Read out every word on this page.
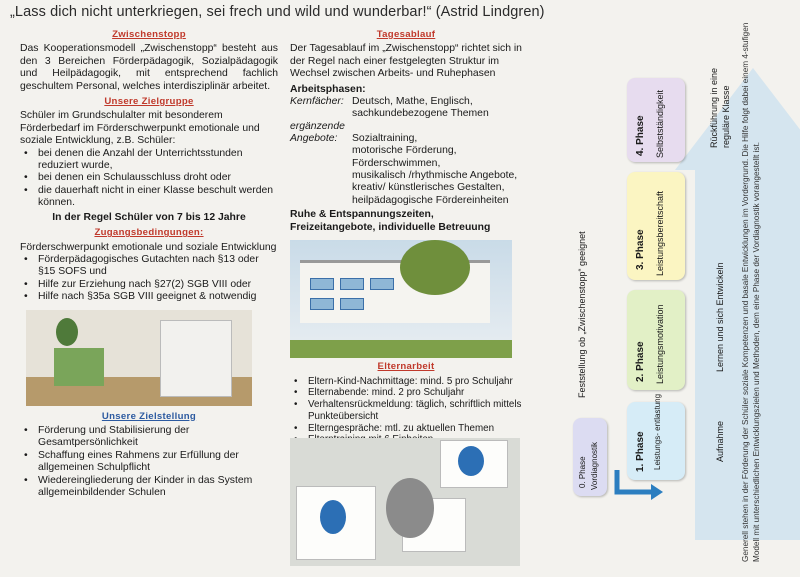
„Lass dich nicht unterkriegen, sei frech und wild und wunderbar!“ (Astrid Lindgren)
Zwischenstopp

Das Kooperationsmodell „Zwischenstopp“ besteht aus den 3 Bereichen Förderpädagogik, Sozialpädagogik und Heilpädagogik, mit entsprechend fachlich geschultem Personal, welches interdisziplinär arbeitet.

Unsere Zielgruppe

Schüler im Grundschulalter mit besonderem Förderbedarf im Förderschwerpunkt emotionale und soziale Entwicklung, z.B. Schüler:

• bei denen die Anzahl der Unterrichtsstunden reduziert wurde,
• bei denen ein Schulausschluss droht oder
• die dauerhaft nicht in einer Klasse beschult werden können.
In der Regel Schüler von 7 bis 12 Jahre
Zugangsbedingungen:

Förderschwerpunkt emotionale und soziale Entwicklung

• Förderpädagogisches Gutachten nach §13 oder §15 SOFS und
• Hilfe zur Erziehung nach §27(2) SGB VIII oder
• Hilfe nach §35a SGB VIII geeignet & notwendig
Unsere Zielstellung
• Förderung und Stabilisierung der Gesamtpersönlichkeit
• Schaffung eines Rahmens zur Erfüllung der allgemeinen Schulpflicht
• Wiedereingliederung der Kinder in das System allgemeinbildender Schulen
Tagesablauf

Der Tagesablauf im „Zwischenstopp“ richtet sich in der Regel nach einer festgelegten Struktur im Wechsel zwischen Arbeits- und Ruhephasen

Arbeitsphasen:

Kernfächer: Deutsch, Mathe, Englisch, sachkundebezogene Themen
ergänzende
Angebote:	Sozialtraining,
motorische Förderung,
Förderschwimmen,
musikalisch /rhythmische Angebote,
kreativ/ künstlerisches Gestalten,
heilpädagogische Fördereinheiten

Ruhe & Entspannungszeiten, Freizeitangebote, individuelle Betreuung

Elternarbeit
• Eltern-Kind-Nachmittage: mind. 5 pro Schuljahr
• Elternabende: mind. 2 pro Schuljahr
• Verhaltensrückmeldung: täglich, schriftlich mittels Punkteübersicht
• Elterngespräche: mtl. zu aktuellen Themen
•
•
•
0. Phase Vordiagnostik	1. Phase Leistungs- entlastung
2. Phase Leistungsmotivation
3. Phase Leistungsbereitschaft
4. Phase Selbstständigkeit
Feststellung ob „Zwischenstopp“ geeignet
Aufnahme
Lernen und sich Entwickeln
Rückführung in eine reguläre Klasse Generell stehen in der Förderung der Schüler soziale Kompetenzen und basale Entwicklungen im Vordergrund. Die Hilfe folgt dabei einem 4-stufigen Modell mit unterschiedlichen Entwicklungszielen und Methoden, dem eine Phase der Vordiagnostik vorangestellt ist.
